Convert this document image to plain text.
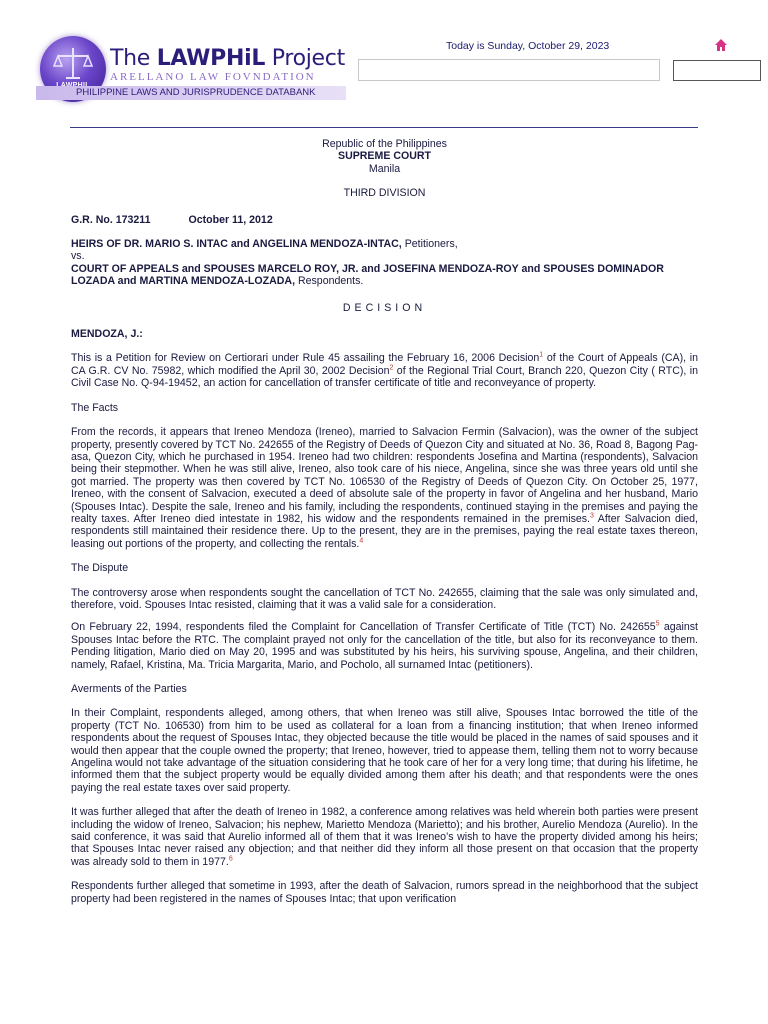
The LAWPHiL Project
ARELLANO LAW FOVNDATION
PHILIPPINE LAWS AND JURISPRUDENCE DATABANK
Today is Sunday, October 29, 2023

Republic of the Philippines

SUPREME COURT

Manila

THIRD DIVISION

G.R. No. 173211	October 11, 2012

HEIRS OF DR. MARIO S. INTAC and ANGELINA MENDOZA-INTAC, Petitioners,

vs.

COURT OF APPEALS and SPOUSES MARCELO ROY, JR. and JOSEFINA MENDOZA-ROY and SPOUSES DOMINADOR LOZADA and MARTINA MENDOZA-LOZADA, Respondents.

DECISION

MENDOZA, J.:

This is a Petition for Review on Certiorari under Rule 45 assailing the February 16, 2006 Decision$^1$ of the Court of Appeals (CA), in CA G.R. CV No. 75982, which modified the April 30, 2002 Decision$^2$ of the Regional Trial Court, Branch 220, Quezon City ( RTC), in Civil Case No. Q-94-19452, an action for cancellation of transfer certificate of title and reconveyance of property.

The Facts

From the records, it appears that Ireneo Mendoza (Ireneo), married to Salvacion Fermin (Salvacion), was the owner of the subject property, presently covered by TCT No. 242655 of the Registry of Deeds of Quezon City and situated at No. 36, Road 8, Bagong Pag-asa, Quezon City, which he purchased in 1954. Ireneo had two children: respondents Josefina and Martina (respondents), Salvacion being their stepmother. When he was still alive, Ireneo, also took care of his niece, Angelina, since she was three years old until she got married. The property was then covered by TCT No. 106530 of the Registry of Deeds of Quezon City. On October 25, 1977, Ireneo, with the consent of Salvacion, executed a deed of absolute sale of the property in favor of Angelina and her husband, Mario (Spouses Intac). Despite the sale, Ireneo and his family, including the respondents, continued staying in the premises and paying the realty taxes. After Ireneo died intestate in 1982, his widow and the respondents remained in the premises.$^3$ After Salvacion died, respondents still maintained their residence there. Up to the present, they are in the premises, paying the real estate taxes thereon, leasing out portions of the property, and collecting the rentals.$^4$

The Dispute

The controversy arose when respondents sought the cancellation of TCT No. 242655, claiming that the sale was only simulated and, therefore, void. Spouses Intac resisted, claiming that it was a valid sale for a consideration.

On February 22, 1994, respondents filed the Complaint for Cancellation of Transfer Certificate of Title (TCT) No. 242655$^5$ against Spouses Intac before the RTC. The complaint prayed not only for the cancellation of the title, but also for its reconveyance to them. Pending litigation, Mario died on May 20, 1995 and was substituted by his heirs, his surviving spouse, Angelina, and their children, namely, Rafael, Kristina, Ma. Tricia Margarita, Mario, and Pocholo, all surnamed Intac (petitioners).

Averments of the Parties

In their Complaint, respondents alleged, among others, that when Ireneo was still alive, Spouses Intac borrowed the title of the property (TCT No. 106530) from him to be used as collateral for a loan from a financing institution; that when Ireneo informed respondents about the request of Spouses Intac, they objected because the title would be placed in the names of said spouses and it would then appear that the couple owned the property; that Ireneo, however, tried to appease them, telling them not to worry because Angelina would not take advantage of the situation considering that he took care of her for a very long time; that during his lifetime, he informed them that the subject property would be equally divided among them after his death; and that respondents were the ones paying the real estate taxes over said property.

It was further alleged that after the death of Ireneo in 1982, a conference among relatives was held wherein both parties were present including the widow of Ireneo, Salvacion; his nephew, Marietto Mendoza (Marietto); and his brother, Aurelio Mendoza (Aurelio). In the said conference, it was said that Aurelio informed all of them that it was Ireneo’s wish to have the property divided among his heirs; that Spouses Intac never raised any objection; and that neither did they inform all those present on that occasion that the property was already sold to them in 1977.$^6$

Respondents further alleged that sometime in 1993, after the death of Salvacion, rumors spread in the neighborhood that the subject property had been registered in the names of Spouses Intac; that upon verification
